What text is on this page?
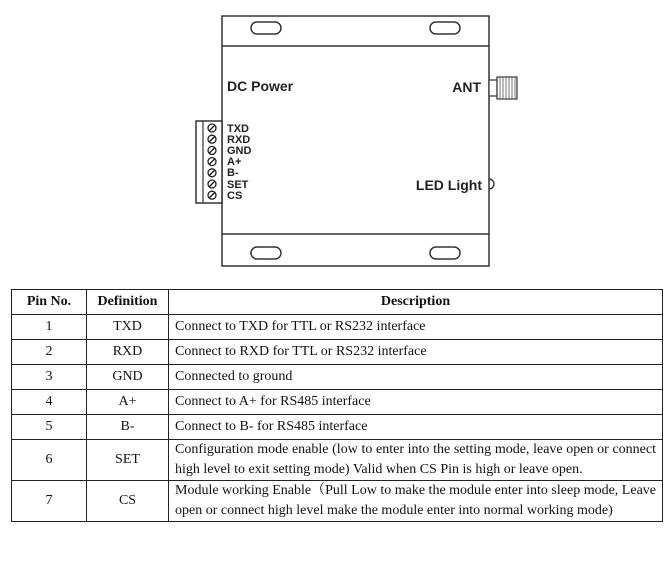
DC Power	ANT
LED Light
TXD
RXD
GND
A+
B-
SET
CS
Pin No.	Definition	Description
1	TXD	Connect to TXD for TTL or RS232 interface
2	RXD	Connect to RXD for TTL or RS232 interface
3	GND	Connected to ground
4	A+	Connect to A+ for RS485 interface
5	B-	Connect to B- for RS485 interface
6	SET	Configuration mode enable (low to enter into the setting mode, leave open or connect high level to exit setting mode) Valid when CS Pin is high or leave open.
7	CS	Module working Enable（Pull Low to make the module enter into sleep mode, Leave open or connect high level make the module enter into normal working mode)
